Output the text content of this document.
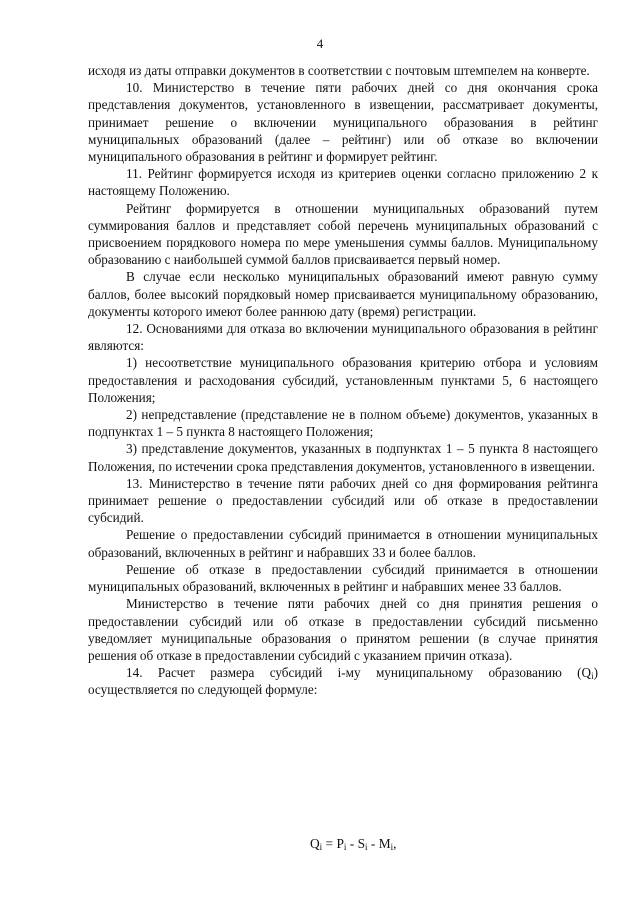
4

исходя из даты отправки документов в соответствии с почтовым штемпелем на конверте.

10. Министерство в течение пяти рабочих дней со дня окончания срока представления документов, установленного в извещении, рассматривает документы, принимает решение о включении муниципального образования в рейтинг муниципальных образований (далее – рейтинг) или об отказе во включении муниципального образования в рейтинг и формирует рейтинг.

11. Рейтинг формируется исходя из критериев оценки согласно приложению 2 к настоящему Положению.

Рейтинг формируется в отношении муниципальных образований путем суммирования баллов и представляет собой перечень муниципальных образований с присвоением порядкового номера по мере уменьшения суммы баллов. Муниципальному образованию с наибольшей суммой баллов присваивается первый номер.

В случае если несколько муниципальных образований имеют равную сумму баллов, более высокий порядковый номер присваивается муниципальному образованию, документы которого имеют более раннюю дату (время) регистрации.

12. Основаниями для отказа во включении муниципального образования в рейтинг являются:

1) несоответствие муниципального образования критерию отбора и условиям предоставления и расходования субсидий, установленным пунктами 5, 6 настоящего Положения;

2) непредставление (представление не в полном объеме) документов, указанных в подпунктах 1 – 5 пункта 8 настоящего Положения;

3) представление документов, указанных в подпунктах 1 – 5 пункта 8 настоящего Положения, по истечении срока представления документов, установленного в извещении.

13. Министерство в течение пяти рабочих дней со дня формирования рейтинга принимает решение о предоставлении субсидий или об отказе в предоставлении субсидий.

Решение о предоставлении субсидий принимается в отношении муниципальных образований, включенных в рейтинг и набравших 33 и более баллов.

Решение об отказе в предоставлении субсидий принимается в отношении муниципальных образований, включенных в рейтинг и набравших менее 33 баллов.

Министерство в течение пяти рабочих дней со дня принятия решения о предоставлении субсидий или об отказе в предоставлении субсидий письменно уведомляет муниципальные образования о принятом решении (в случае принятия решения об отказе в предоставлении субсидий с указанием причин отказа).

14. Расчет размера субсидий i-му муниципальному образованию $(Q_i)$ осуществляется по следующей формуле:

$Q_i = P_i - S_i - M_i$,
